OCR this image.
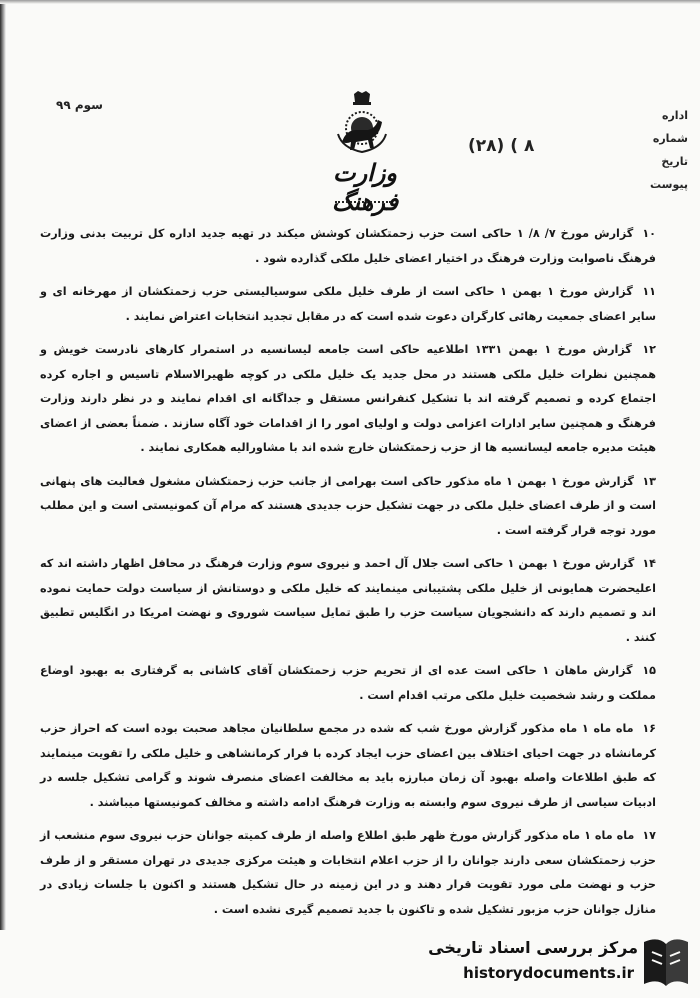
سوم ۹۹
وزارت فرهنگ
۸ ) (۲۸)
اداره
شماره
تاریخ
پیوست
۱۰ گزارش مورخ ۷/ ۸/ ۱ حاکی است حزب زحمتکشان کوشش میکند در تهیه جدید اداره کل تربیت بدنی وزارت فرهنگ ناصوابت وزارت فرهنگ در اختیار اعضای خلیل ملکی گذارده شود .
۱۱ گزارش مورخ ۱ بهمن ۱ حاکی است از طرف خلیل ملکی سوسیالیستی حزب زحمتکشان از مهرخانه ای و سایر اعضای جمعیت رهائی کارگران دعوت شده است که در مقابل تجدید انتخابات اعتراض نمایند .
۱۲ گزارش مورخ ۱ بهمن ۱۳۳۱ اطلاعیه حاکی است جامعه لیسانسیه در استمرار کارهای نادرست خویش و همچنین نظرات خلیل ملکی هستند در محل جدید یک خلیل ملکی در کوچه ظهیرالاسلام تاسیس و اجاره کرده اجتماع کرده و تصمیم گرفته اند با تشکیل کنفرانس مستقل و جداگانه ای اقدام نمایند و در نظر دارند وزارت فرهنگ و همچنین سایر ادارات اعزامی دولت و اولیای امور را از اقدامات خود آگاه سازند . ضمناً بعضی از اعضای هیئت مدیره جامعه لیسانسیه ها از حزب زحمتکشان خارج شده اند با مشاورالیه همکاری نمایند .
۱۳ گزارش مورخ ۱ بهمن ۱ ماه مذکور حاکی است بهرامی از جانب حزب زحمتکشان مشغول فعالیت های پنهانی است و از طرف اعضای خلیل ملکی در جهت تشکیل حزب جدیدی هستند که مرام آن کمونیستی است و این مطلب مورد توجه قرار گرفته است .
۱۴ گزارش مورخ ۱ بهمن ۱ حاکی است جلال آل احمد و نیروی سوم وزارت فرهنگ در محافل اظهار داشته اند که اعلیحضرت همایونی از خلیل ملکی پشتیبانی مینمایند که خلیل ملکی و دوستانش از سیاست دولت حمایت نموده اند و تصمیم دارند که دانشجویان سیاست حزب را طبق تمایل سیاست شوروی و نهضت امریکا در انگلیس تطبیق کنند .
۱۵ گزارش ماهان ۱ حاکی است عده ای از تحریم حزب زحمتکشان آقای کاشانی به گرفتاری به بهبود اوضاع مملکت و رشد شخصیت خلیل ملکی مرتب اقدام است .
۱۶ ماه ماه ۱ ماه مذکور گزارش مورخ شب که شده در مجمع سلطانیان مجاهد صحبت بوده است که احراز حزب کرمانشاه در جهت احیای اختلاف بین اعضای حزب ایجاد کرده با فرار کرمانشاهی و خلیل ملکی را تقویت مینمایند که طبق اطلاعات واصله بهبود آن زمان مبارزه باید به مخالفت اعضای منصرف شوند و گرامی تشکیل جلسه در ادبیات سیاسی از طرف نیروی سوم وابسته به وزارت فرهنگ ادامه داشته و مخالف کمونیستها میباشند .
۱۷ ماه ماه ۱ ماه مذکور گزارش مورخ ظهر طبق اطلاع واصله از طرف کمیته جوانان حزب نیروی سوم منشعب از حزب زحمتکشان سعی دارند جوانان را از حزب اعلام انتخابات و هیئت مرکزی جدیدی در تهران مستقر و از طرف حزب و نهضت ملی مورد تقویت قرار دهند و در این زمینه در حال تشکیل هستند و اکنون با جلسات زیادی در منازل جوانان حزب مزبور تشکیل شده و تاکنون با جدید تصمیم گیری نشده است .
مرکز بررسی اسناد تاریخی
historydocuments.ir
